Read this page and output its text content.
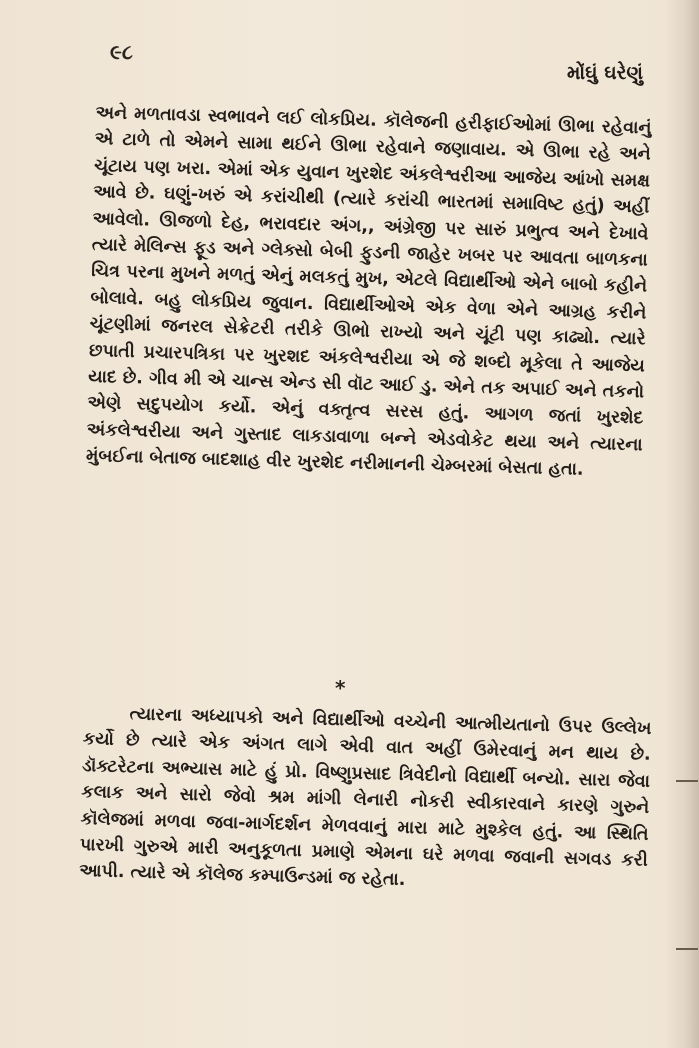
૯૮
મોંઘું ઘરેણું

અને મળતાવડા સ્વભાવને લઈ લોકપ્રિય. કૉલેજની હરીફાઈઓમાં ઊભા રહેવાનું એ ટાળે તો એમને સામા થઈને ઊભા રહેવાને જણાવાય. એ ઊભા રહે અને ચૂંટાય પણ ખરા. એમાં એક યુવાન ખુરશેદ અંકલેશ્વરીઆ આજેય આંખો સમક્ષ આવે છે. ઘણું-ખરું એ કરાંચીથી (ત્યારે કરાંચી ભારતમાં સમાવિષ્ટ હતું) અહીં આવેલો. ઊજળો દેહ, ભરાવદાર અંગ,, અંગ્રેજી પર સારું પ્રભુત્વ અને દેખાવે ત્યારે મેલિન્સ ફૂડ અને ગ્લેક્સો બેબી ફુડની જાહેર ખબર પર આવતા બાળકના ચિત્ર પરના મુખને મળતું એનું મલકતું મુખ, એટલે વિદ્યાર્થીઓ એને બાબો કહીને બોલાવે. બહુ લોકપ્રિય જુવાન. વિદ્યાર્થીઓએ એક વેળા એને આગ્રહ કરીને ચૂંટણીમાં જનરલ સેક્રેટરી તરીકે ઊભો રાખ્યો અને ચૂંટી પણ કાઢ્યો. ત્યારે છપાતી પ્રચારપત્રિકા પર ખુરશદ અંકલેશ્વરીયા એ જે શબ્દો મૂકેલા તે આજેય યાદ છે. ગીવ મી એ ચાન્સ એન્ડ સી વૉટ આઈ ડુ. એને તક અપાઈ અને તકનો એણે સદુપયોગ કર્યો. એનું વક્તૃત્વ સરસ હતું. આગળ જતાં ખુરશેદ અંકલેશ્વરીયા અને ગુસ્તાદ લાકડાવાળા બન્ને એડવોકેટ થયા અને ત્યારના મુંબઈના બેતાજ બાદશાહ વીર ખુરશેદ નરીમાનની ચેમ્બરમાં બેસતા હતા.

*

ત્યારના અધ્યાપકો અને વિદ્યાર્થીઓ વચ્ચેની આત્મીયતાનો ઉપર ઉલ્લેખ કર્યો છે ત્યારે એક અંગત લાગે એવી વાત અહીં ઉમેરવાનું મન થાય છે. ડૉક્ટરેટના અભ્યાસ માટે હું પ્રો. વિષ્ણુપ્રસાદ ત્રિવેદીનો વિદ્યાર્થી બન્યો. સારા જેવા કલાક અને સારો જેવો શ્રમ માંગી લેનારી નોકરી સ્વીકારવાને કારણે ગુરુને કૉલેજમાં મળવા જવા-માર્ગદર્શન મેળવવાનું મારા માટે મુશ્કેલ હતું. આ સ્થિતિ પારખી ગુરુએ મારી અનુકૂળતા પ્રમાણે એમના ઘરે મળવા જવાની સગવડ કરી આપી. ત્યારે એ કૉલેજ કમ્પાઉન્ડમાં જ રહેતા.
